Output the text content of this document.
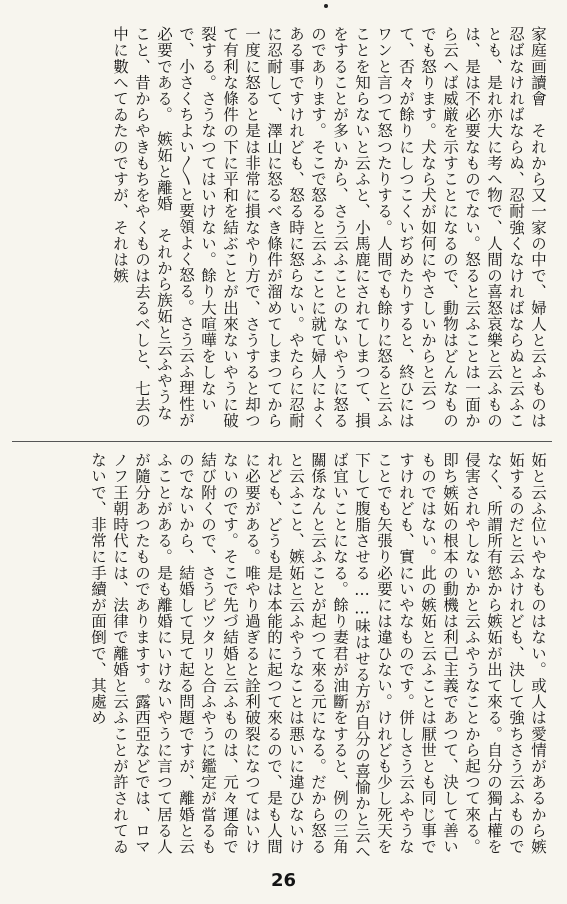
家庭画讀會　それから又一家の中で、婦人と云ふものは忍ばなければならぬ、忍耐強くなければならぬと云ふことも、是れ亦大に考へ物で、人間の喜怒哀樂と云ふものは、是は不必要なものでない。怒ると云ふことは一面から云へば威厳を示すことになるので、動物はどんなものでも怒ります。犬なら犬が如何にやさしいからと云つて、否々が餘りにしつこくいぢめたりすると、終ひにはワンと言つて怒つたりする。人間でも餘りに怒ると云ふことを知らないと云ふと、小馬鹿にされてしまつて、損をすることが多いから、さう云ふことのないやうに怒るのであります。そこで怒ると云ふことに就て婦人によくある事ですけれども、怒る時に怒らない。やたらに忍耐に忍耐して、澤山に怒るべき條件が溜めてしまつてから一度に怒ると是は非常に損なやり方で、さうすると却つて有利な條件の下に平和を結ぶことが出來ないやうに破裂する。さうなつてはいけない。餘り大喧嘩をしないで、小さくちよい〳〵と要領よく怒る。さう云ふ理性が必要である。　嫉妬と離婚　それから族妬と云ふやうなこと、昔からやきもちをやくものは去るべしと、七去の中に數へてゐたのですが、それは嫉
妬と云ふ位いやなものはない。或人は愛情があるから嫉妬するのだと云ふけれども、決して強ちさう云ふものでなく、所謂所有慾から嫉妬が出て來る。自分の獨占權を侵害されやしないかと云ふやうなことから起つて來る。即ち嫉妬の根本の動機は利己主義であつて、決して善いものではない。此の嫉妬と云ふことは厭世とも同じ事ですけれども、實にいやなものです。併しさう云ふやうなことでも矢張り必要には違ひない。けれども少し死天を下して腹脂させる……味はせる方が自分の喜愉かと云へば宜いことになる。餘り妻君が油斷をすると、例の三角關係なんと云ふことが起つて來る元になる。だから怒ると云ふこと、嫉妬と云ふやうなことは悪いに違ひないけれども、どうも是は本能的に起つて來るので、是も人間に必要がある。唯やり過ぎると詮利破裂になつてはいけないのです。そこで先づ結婚と云ふものは、元々運命で結び附くので、さうピツタリと合ふやうに鑑定が當るものでないから、結婚して見て起る問題ですが、離婚と云ふことがある。是も離婚にいけないやうに言つて居る人が隨分あつたものでありますす。露西亞などでは、ロマノフ王朝時代には、法律で離婚と云ふことが許されてゐないで、非常に手續が面倒で、其處め
26
